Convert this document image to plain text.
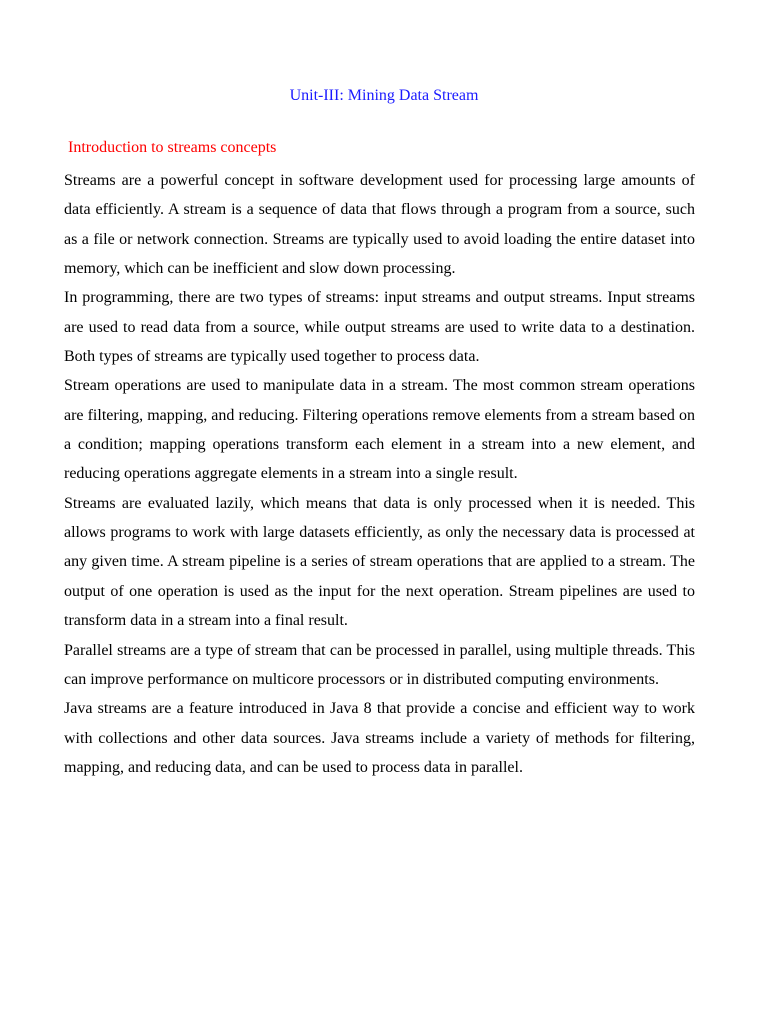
Unit-III: Mining Data Stream
Introduction to streams concepts

Streams are a powerful concept in software development used for processing large amounts of data efficiently. A stream is a sequence of data that flows through a program from a source, such as a file or network connection. Streams are typically used to avoid loading the entire dataset into memory, which can be inefficient and slow down processing.

In programming, there are two types of streams: input streams and output streams. Input streams are used to read data from a source, while output streams are used to write data to a destination. Both types of streams are typically used together to process data.

Stream operations are used to manipulate data in a stream. The most common stream operations are filtering, mapping, and reducing. Filtering operations remove elements from a stream based on a condition; mapping operations transform each element in a stream into a new element, and reducing operations aggregate elements in a stream into a single result.

Streams are evaluated lazily, which means that data is only processed when it is needed. This allows programs to work with large datasets efficiently, as only the necessary data is processed at any given time. A stream pipeline is a series of stream operations that are applied to a stream. The output of one operation is used as the input for the next operation. Stream pipelines are used to transform data in a stream into a final result.

Parallel streams are a type of stream that can be processed in parallel, using multiple threads. This can improve performance on multicore processors or in distributed computing environments.

Java streams are a feature introduced in Java 8 that provide a concise and efficient way to work with collections and other data sources. Java streams include a variety of methods for filtering, mapping, and reducing data, and can be used to process data in parallel.
